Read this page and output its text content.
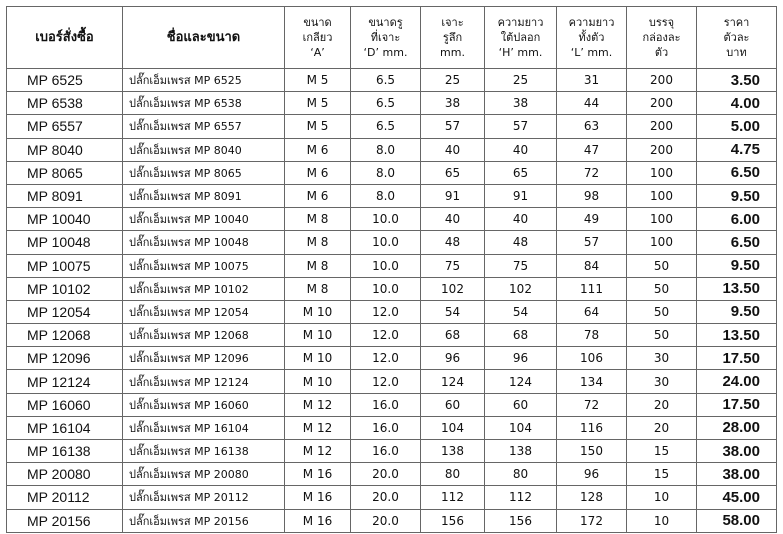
เบอร์สั่งซื้อ	ชื่อและขนาด	ขนาด
เกลียว
‘A’	ขนาดรู
ที่เจาะ
‘D’ mm.	เจาะ
รูลึก
mm.	ความยาว
ใต้ปลอก
‘H’ mm.	ความยาว
ทั้งตัว
‘L’ mm.	บรรจุ
กล่องละ
ตัว	ราคา
ตัวละ
บาท

MP 6525	ปลั๊กเอ็มเพรส MP 6525	M 5	6.5	25	25	31	200	3.50
MP 6538	ปลั๊กเอ็มเพรส MP 6538	M 5	6.5	38	38	44	200	4.00
MP 6557	ปลั๊กเอ็มเพรส MP 6557	M 5	6.5	57	57	63	200	5.00
MP 8040	ปลั๊กเอ็มเพรส MP 8040	M 6	8.0	40	40	47	200	4.75
MP 8065	ปลั๊กเอ็มเพรส MP 8065	M 6	8.0	65	65	72	100	6.50
MP 8091	ปลั๊กเอ็มเพรส MP 8091	M 6	8.0	91	91	98	100	9.50
MP 10040	ปลั๊กเอ็มเพรส MP 10040	M 8	10.0	40	40	49	100	6.00
MP 10048	ปลั๊กเอ็มเพรส MP 10048	M 8	10.0	48	48	57	100	6.50
MP 10075	ปลั๊กเอ็มเพรส MP 10075	M 8	10.0	75	75	84	50	9.50
MP 10102	ปลั๊กเอ็มเพรส MP 10102	M 8	10.0	102	102	111	50	13.50
MP 12054	ปลั๊กเอ็มเพรส MP 12054	M 10	12.0	54	54	64	50	9.50
MP 12068	ปลั๊กเอ็มเพรส MP 12068	M 10	12.0	68	68	78	50	13.50
MP 12096	ปลั๊กเอ็มเพรส MP 12096	M 10	12.0	96	96	106	30	17.50
MP 12124	ปลั๊กเอ็มเพรส MP 12124	M 10	12.0	124	124	134	30	24.00
MP 16060	ปลั๊กเอ็มเพรส MP 16060	M 12	16.0	60	60	72	20	17.50
MP 16104	ปลั๊กเอ็มเพรส MP 16104	M 12	16.0	104	104	116	20	28.00
MP 16138	ปลั๊กเอ็มเพรส MP 16138	M 12	16.0	138	138	150	15	38.00
MP 20080	ปลั๊กเอ็มเพรส MP 20080	M 16	20.0	80	80	96	15	38.00
MP 20112	ปลั๊กเอ็มเพรส MP 20112	M 16	20.0	112	112	128	10	45.00
MP 20156	ปลั๊กเอ็มเพรส MP 20156	M 16	20.0	156	156	172	10	58.00
